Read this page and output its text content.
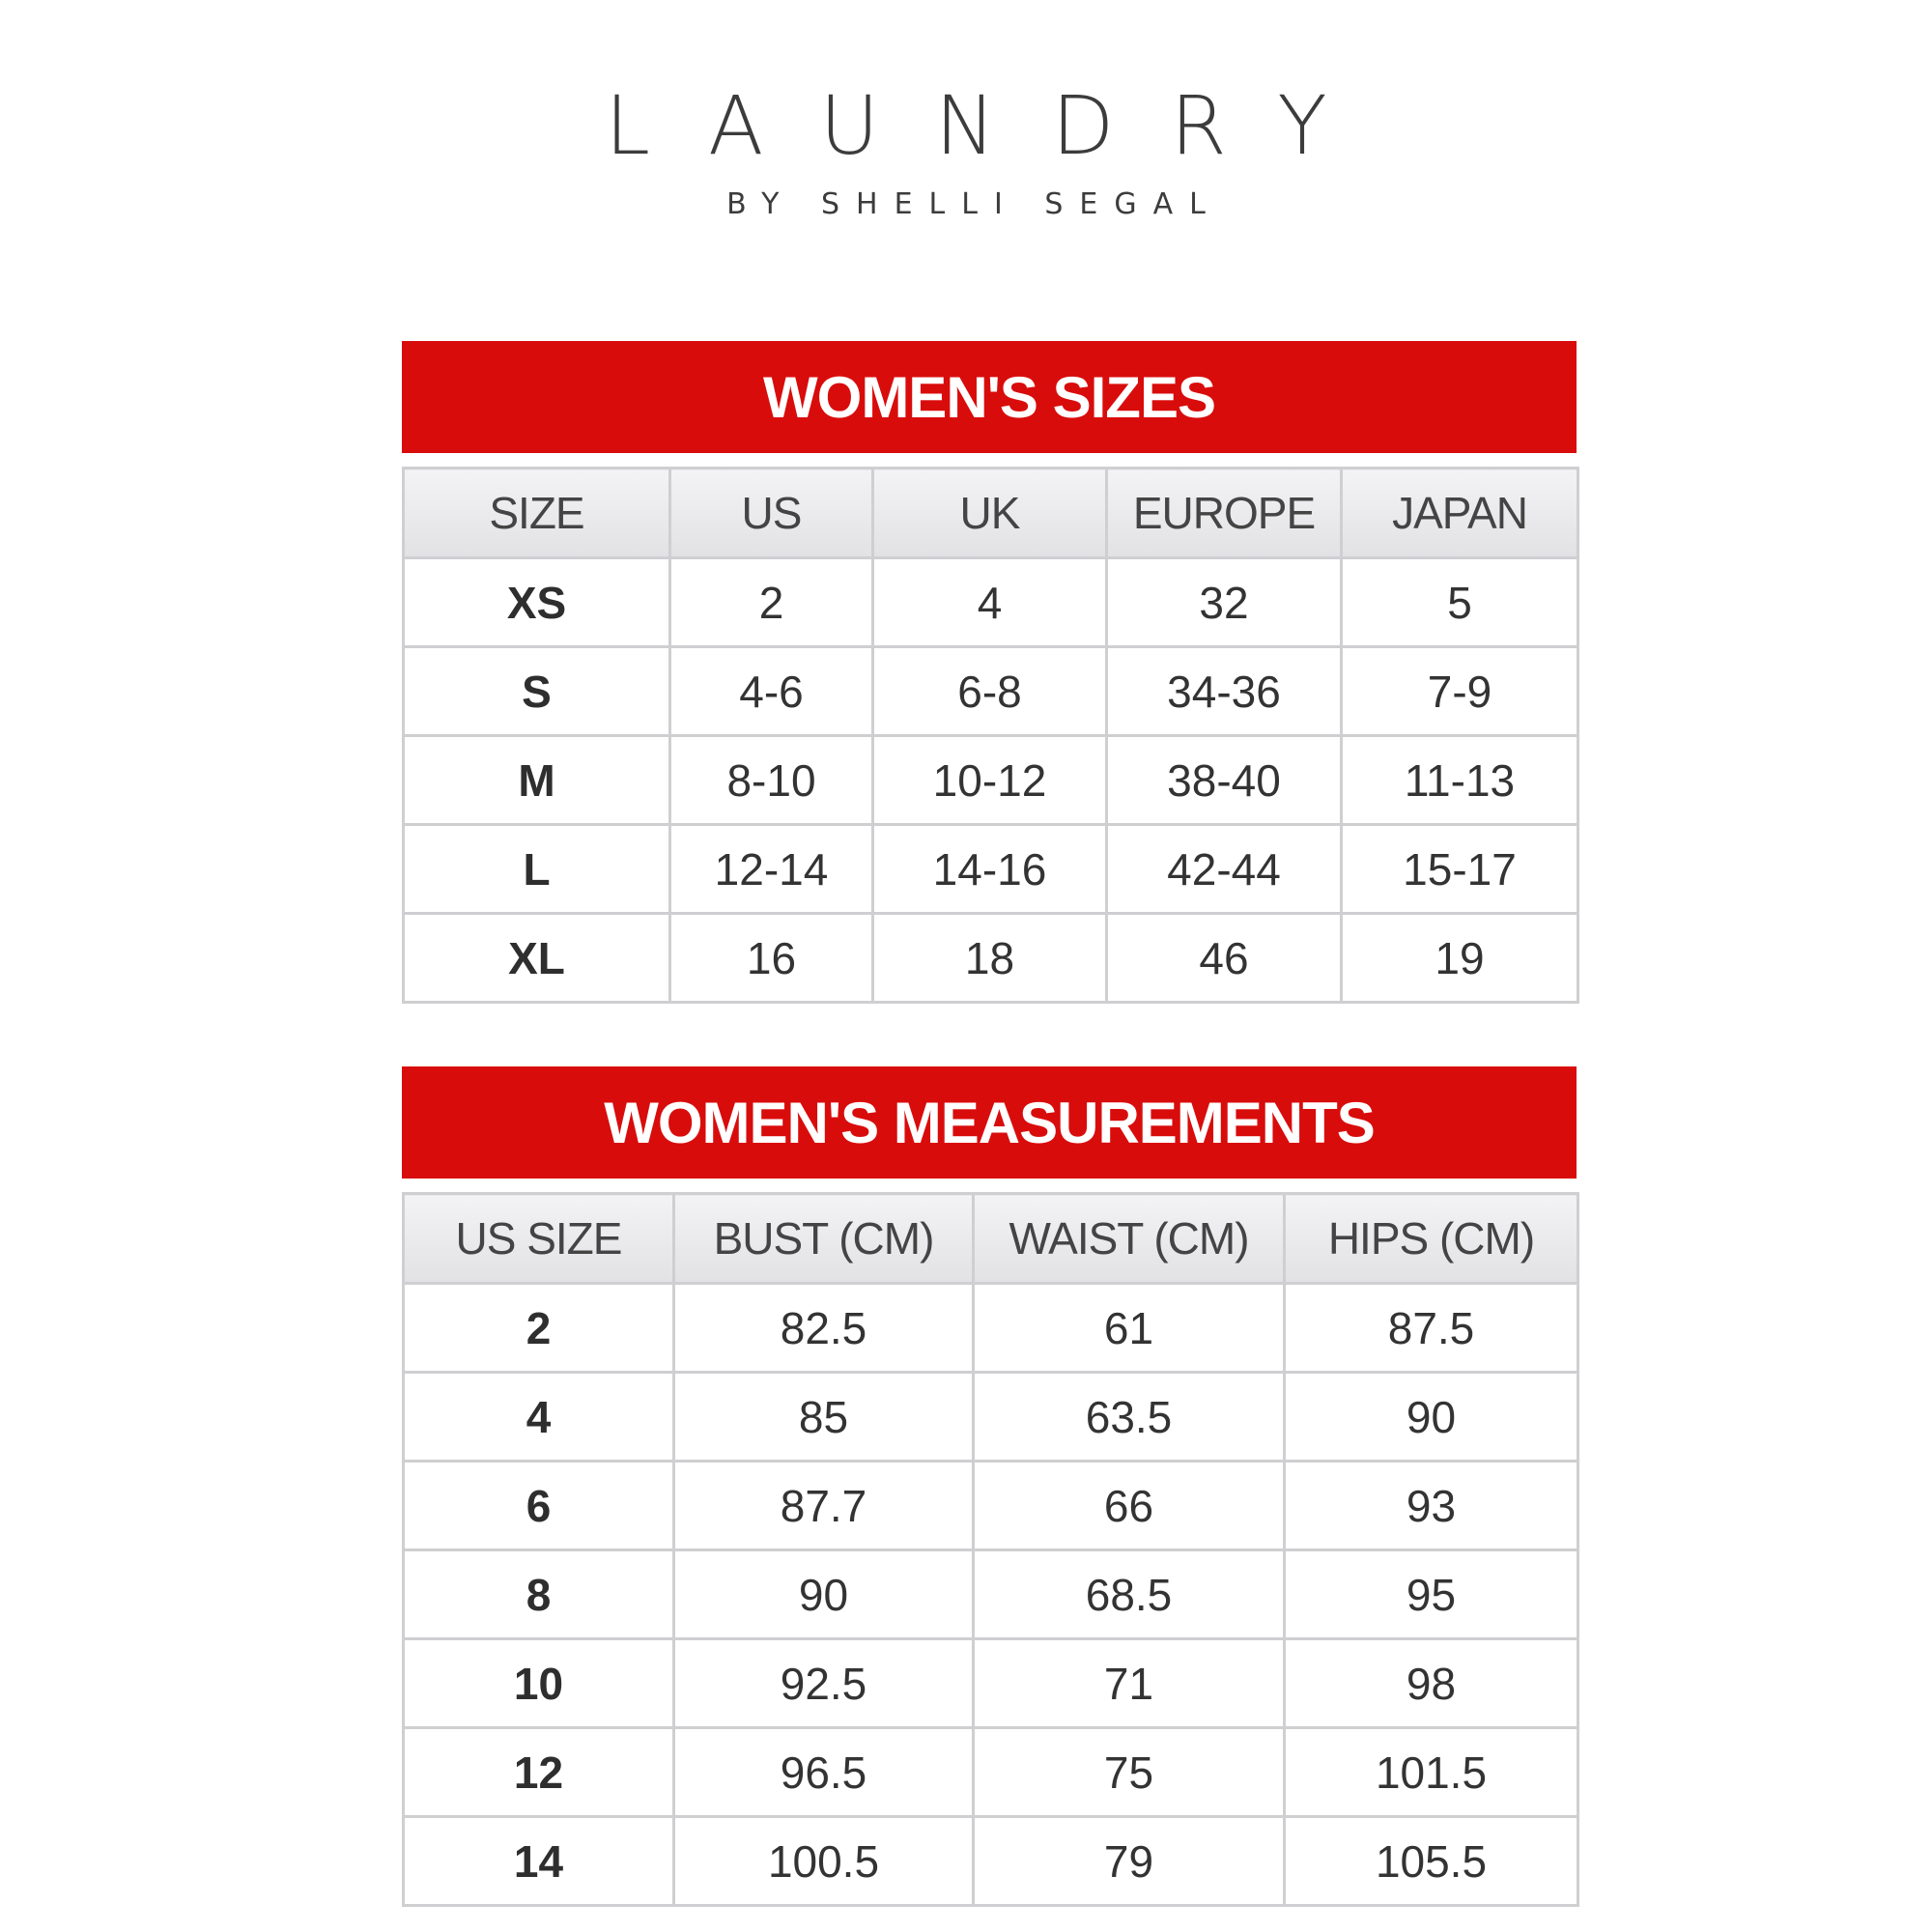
LAUNDRY
BY SHELLI SEGAL
WOMEN'S SIZES
SIZE	US	UK	EUROPE	JAPAN
XS	2	4	32	5
S	4-6	6-8	34-36	7-9
M	8-10	10-12	38-40	11-13
L	12-14	14-16	42-44	15-17
XL	16	18	46	19
WOMEN'S MEASUREMENTS
US SIZE	BUST (CM)	WAIST (CM)	HIPS (CM)
2	82.5	61	87.5
4	85	63.5	90
6	87.7	66	93
8	90	68.5	95
10	92.5	71	98
12	96.5	75	101.5
14	100.5	79	105.5
